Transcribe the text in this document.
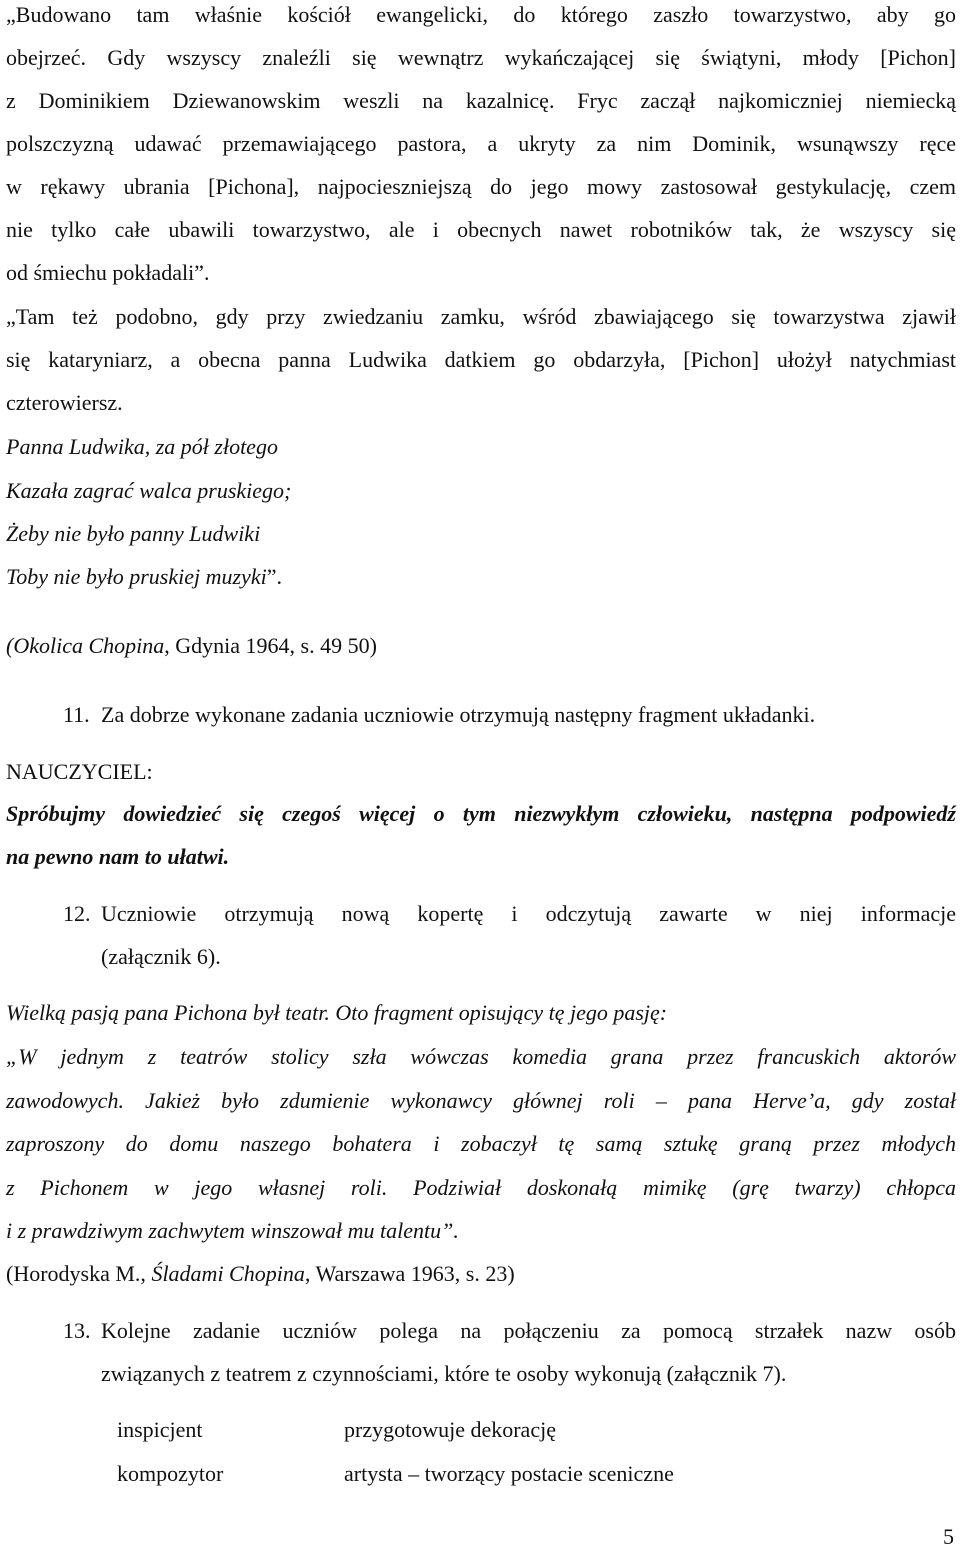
„Budowano tam właśnie kościół ewangelicki, do którego zaszło towarzystwo, aby go
obejrzeć. Gdy wszyscy znaleźli się wewnątrz wykańczającej się świątyni, młody [Pichon]
z Dominikiem Dziewanowskim weszli na kazalnicę. Fryc zaczął najkomiczniej niemiecką
polszczyzną udawać przemawiającego pastora, a ukryty za nim Dominik, wsunąwszy ręce
w rękawy ubrania [Pichona], najpocieszniejszą do jego mowy zastosował gestykulację, czem
nie tylko całe ubawili towarzystwo, ale i obecnych nawet robotników tak, że wszyscy się
od śmiechu pokładali”.
„Tam też podobno, gdy przy zwiedzaniu zamku, wśród zbawiającego się towarzystwa zjawił
się kataryniarz, a obecna panna Ludwika datkiem go obdarzyła, [Pichon] ułożył natychmiast
czterowiersz.
Panna Ludwika, za pół złotego
Kazała zagrać walca pruskiego;
Żeby nie było panny Ludwiki
Toby nie było pruskiej muzyki”.
(Okolica Chopina, Gdynia 1964, s. 49 50)
11. Za dobrze wykonane zadania uczniowie otrzymują następny fragment układanki.
NAUCZYCIEL:
Spróbujmy dowiedzieć się czegoś więcej o tym niezwykłym człowieku, następna podpowiedź
na pewno nam to ułatwi.
12. Uczniowie otrzymują nową kopertę i odczytują zawarte w niej informacje
(załącznik 6).
Wielką pasją pana Pichona był teatr. Oto fragment opisujący tę jego pasję:
„W jednym z teatrów stolicy szła wówczas komedia grana przez francuskich aktorów
zawodowych. Jakież było zdumienie wykonawcy głównej roli – pana Herve’a, gdy został
zaproszony do domu naszego bohatera i zobaczył tę samą sztukę graną przez młodych
z Pichonem w jego własnej roli. Podziwiał doskonałą mimikę (grę twarzy) chłopca
i z prawdziwym zachwytem winszował mu talentu”.
(Horodyska M., Śladami Chopina, Warszawa 1963, s. 23)
13. Kolejne zadanie uczniów polega na połączeniu za pomocą strzałek nazw osób
związanych z teatrem z czynnościami, które te osoby wykonują (załącznik 7).
inspicjent	przygotowuje dekorację
kompozytor	artysta – tworzący postacie sceniczne
5
